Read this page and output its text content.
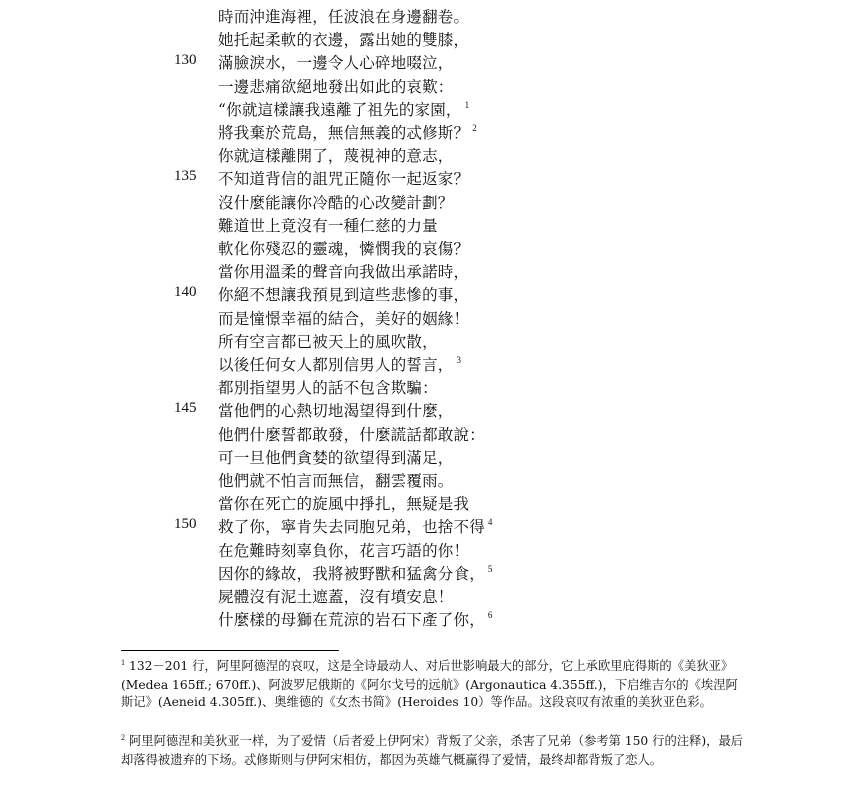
時而沖進海裡，任波浪在身邊翻卷。
她托起柔軟的衣邊，露出她的雙膝，
130 滿臉淚水，一邊令人心碎地啜泣，
一邊悲痛欲絕地發出如此的哀歎：
“你就這樣讓我遠離了祖先的家園， $^1$
將我棄於荒島，無信無義的忒修斯？ $^2$
你就這樣離開了，蔑視神的意志，
135 不知道背信的詛咒正隨你一起返家？
沒什麼能讓你冷酷的心改變計劃？
難道世上竟沒有一種仁慈的力量
軟化你殘忍的靈魂，憐憫我的哀傷？
當你用溫柔的聲音向我做出承諾時，
140 你絕不想讓我預見到這些悲慘的事，
而是憧憬幸福的結合，美好的姻緣！
所有空言都已被天上的風吹散，
以後任何女人都別信男人的誓言， $^3$
都別指望男人的話不包含欺騙：
145 當他們的心熱切地渴望得到什麼，
他們什麼誓都敢發，什麼謊話都敢說：
可一旦他們貪婪的欲望得到滿足，
他們就不怕言而無信，翻雲覆雨。
當你在死亡的旋風中掙扎，無疑是我
150 救了你，寧肯失去同胞兄弟，也捨不得 $^4$
在危難時刻辜負你，花言巧語的你！
因你的緣故，我將被野獸和猛禽分食， $^5$
屍體沒有泥土遮蓋，沒有墳安息！
什麼樣的母獅在荒涼的岩石下產了你， $^6$
$^1$ 132－201 行，阿里阿德涅的哀叹，这是全诗最动人、对后世影响最大的部分，它上承欧里庇得斯的《美狄亚》(Medea 165ff.; 670ff.)、阿波罗尼俄斯的《阿尔戈号的远航》(Argonautica 4.355ff.)，下启维吉尔的《埃涅阿斯记》(Aeneid 4.305ff.)、奥维德的《女杰书简》(Heroides 10）等作品。这段哀叹有浓重的美狄亚色彩。
$^2$ 阿里阿德涅和美狄亚一样，为了爱情（后者爱上伊阿宋）背叛了父亲，杀害了兄弟（参考第 150 行的注释)，最后却落得被遗弃的下场。忒修斯则与伊阿宋相仿，都因为英雄气概赢得了爱情，最终却都背叛了恋人。
